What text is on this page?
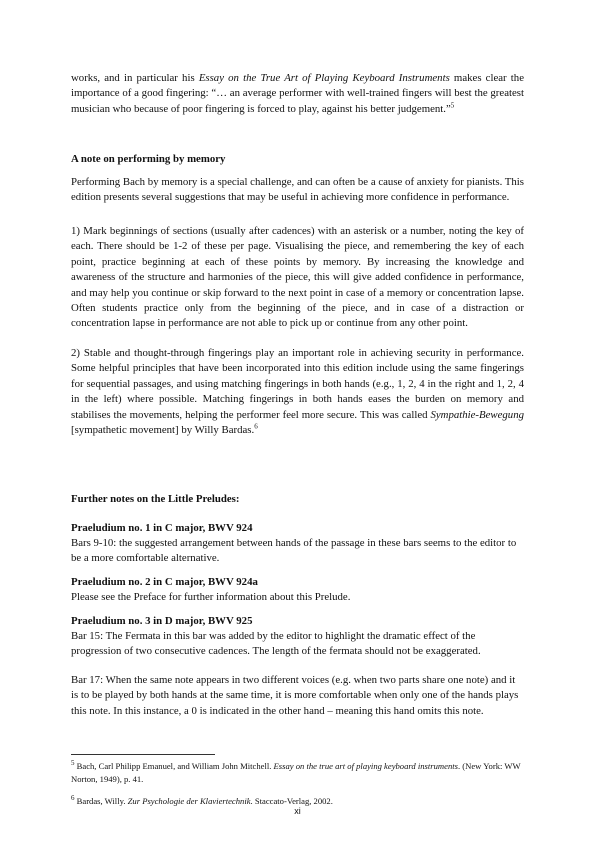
works, and in particular his Essay on the True Art of Playing Keyboard Instruments makes clear the importance of a good fingering: “… an average performer with well-trained fingers will best the greatest musician who because of poor fingering is forced to play, against his better judgement.”$^5$

A note on performing by memory

Performing Bach by memory is a special challenge, and can often be a cause of anxiety for pianists. This edition presents several suggestions that may be useful in achieving more confidence in performance.

1) Mark beginnings of sections (usually after cadences) with an asterisk or a number, noting the key of each. There should be 1-2 of these per page. Visualising the piece, and remembering the key of each point, practice beginning at each of these points by memory. By increasing the knowledge and awareness of the structure and harmonies of the piece, this will give added confidence in performance, and may help you continue or skip forward to the next point in case of a memory or concentration lapse. Often students practice only from the beginning of the piece, and in case of a distraction or concentration lapse in performance are not able to pick up or continue from any other point.

2) Stable and thought-through fingerings play an important role in achieving security in performance. Some helpful principles that have been incorporated into this edition include using the same fingerings for sequential passages, and using matching fingerings in both hands (e.g., 1, 2, 4 in the right and 1, 2, 4 in the left) where possible. Matching fingerings in both hands eases the burden on memory and stabilises the movements, helping the performer feel more secure. This was called Sympathie-Bewegung [sympathetic movement] by Willy Bardas.$^6$

Further notes on the Little Preludes:

Praeludium no. 1 in C major, BWV 924

Bars 9-10: the suggested arrangement between hands of the passage in these bars seems to the editor to be a more comfortable alternative.

Praeludium no. 2 in C major, BWV 924a

Please see the Preface for further information about this Prelude.

Praeludium no. 3 in D major, BWV 925

Bar 15: The Fermata in this bar was added by the editor to highlight the dramatic effect of the progression of two consecutive cadences. The length of the fermata should not be exaggerated.

Bar 17: When the same note appears in two different voices (e.g. when two parts share one note) and it is to be played by both hands at the same time, it is more comfortable when only one of the hands plays this note. In this instance, a 0 is indicated in the other hand – meaning this hand omits this note.

$^5$ Bach, Carl Philipp Emanuel, and William John Mitchell. Essay on the true art of playing keyboard instruments. (New York: WW Norton, 1949), p. 41.

$^6$ Bardas, Willy. Zur Psychologie der Klaviertechnik. Staccato-Verlag, 2002.

xi
